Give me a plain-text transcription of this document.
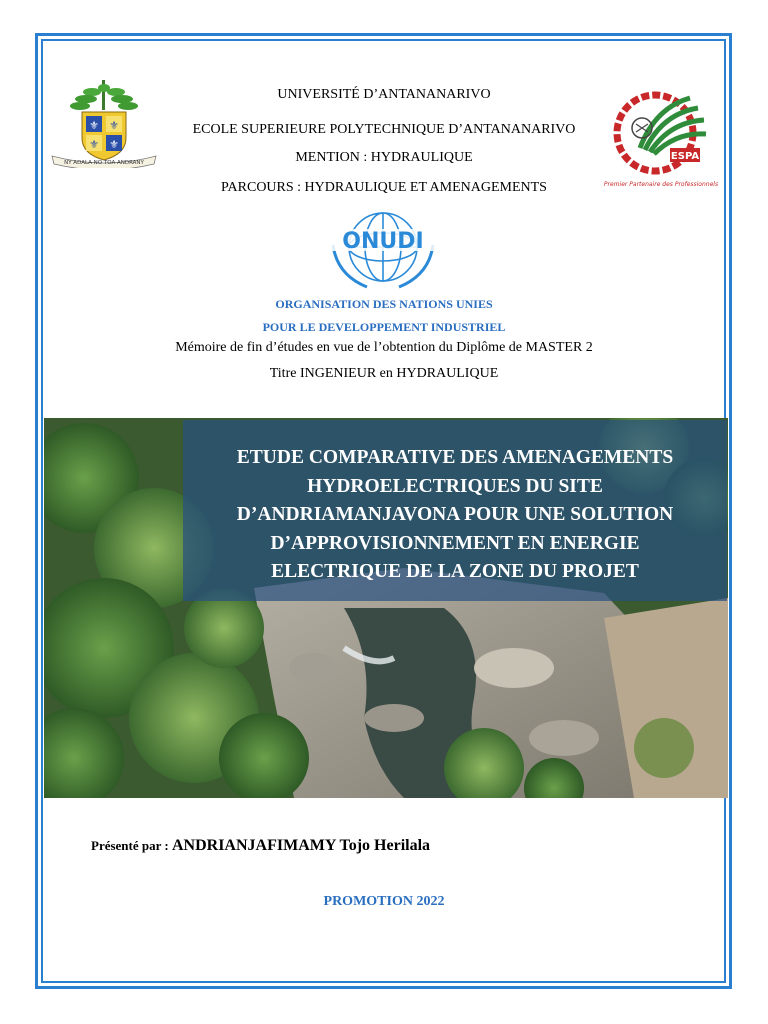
⚜ ⚜
⚜ ⚜
NY ADALA NO TOA ANDRANY
ESPA
Premier Partenaire des Professionnels
UNIVERSITÉ D’ANTANANARIVO
ECOLE SUPERIEURE POLYTECHNIQUE D’ANTANANARIVO
MENTION : HYDRAULIQUE
PARCOURS : HYDRAULIQUE ET AMENAGEMENTS
ONUDI
ORGANISATION DES NATIONS UNIES
POUR LE DEVELOPPEMENT INDUSTRIEL
Mémoire de fin d’études en vue de l’obtention du Diplôme de MASTER 2
Titre INGENIEUR en HYDRAULIQUE
ETUDE COMPARATIVE DES AMENAGEMENTS
HYDROELECTRIQUES DU SITE
D’ANDRIAMANJAVONA POUR UNE SOLUTION
D’APPROVISIONNEMENT EN ENERGIE
ELECTRIQUE DE LA ZONE DU PROJET
Présenté par : ANDRIANJAFIMAMY Tojo Herilala
PROMOTION 2022
